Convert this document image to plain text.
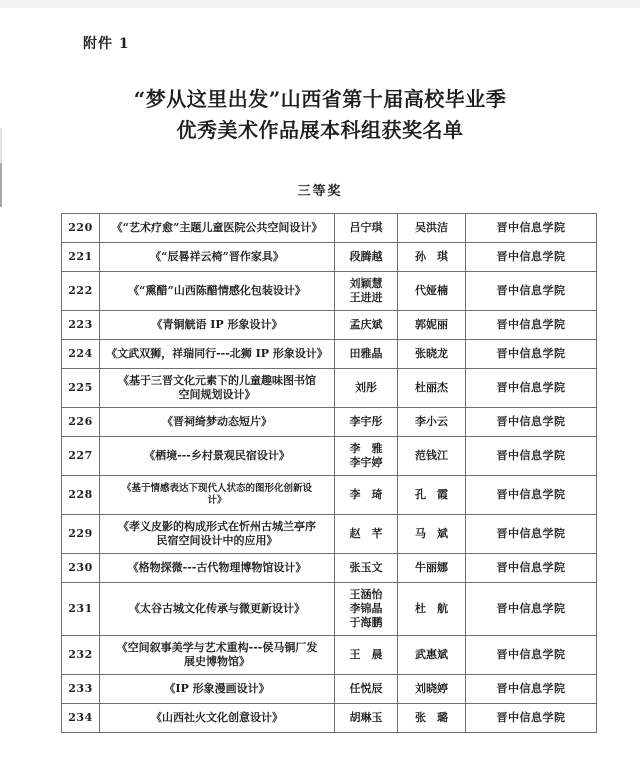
附件 1
“梦从这里出发”山西省第十届高校毕业季
优秀美术作品展本科组获奖名单
三等奖
220	《“艺术疗愈”主题儿童医院公共空间设计》	吕宁琪	吴洪洁	晋中信息学院
221	《“辰晷祥云椅”晋作家具》	段腾越	孙　琪	晋中信息学院
222	《“熏醋”山西陈醋情感化包装设计》	刘颖慧
王进进	代娅楠	晋中信息学院
223	《青铜觥语 IP 形象设计》	孟庆斌	郭妮丽	晋中信息学院
224	《文武双狮，祥瑞同行---北狮 IP 形象设计》	田雅晶	张晓龙	晋中信息学院
225	《基于三晋文化元素下的儿童趣味图书馆
空间规划设计》	刘彤	杜丽杰	晋中信息学院
226	《晋祠绮梦动态短片》	李宇彤	李小云	晋中信息学院
227	《栖境---乡村景观民宿设计》	李　雅
李宇婷	范钱江	晋中信息学院
228	《基于情感表达下现代人状态的图形化创新设
计》	李　琦	孔　霞	晋中信息学院
229	《孝义皮影的构成形式在忻州古城兰亭序
民宿空间设计中的应用》	赵　芊	马　斌	晋中信息学院
230	《格物探微---古代物理博物馆设计》	张玉文	牛丽娜	晋中信息学院
231	《太谷古城文化传承与微更新设计》	王涵怡
李锦晶
于海鹏	杜　航	晋中信息学院
232	《空间叙事美学与艺术重构---侯马铜厂发
展史博物馆》	王　晨	武惠斌	晋中信息学院
233	《IP 形象漫画设计》	任悦辰	刘晓婷	晋中信息学院
234	《山西社火文化创意设计》	胡琳玉	张　璐	晋中信息学院
